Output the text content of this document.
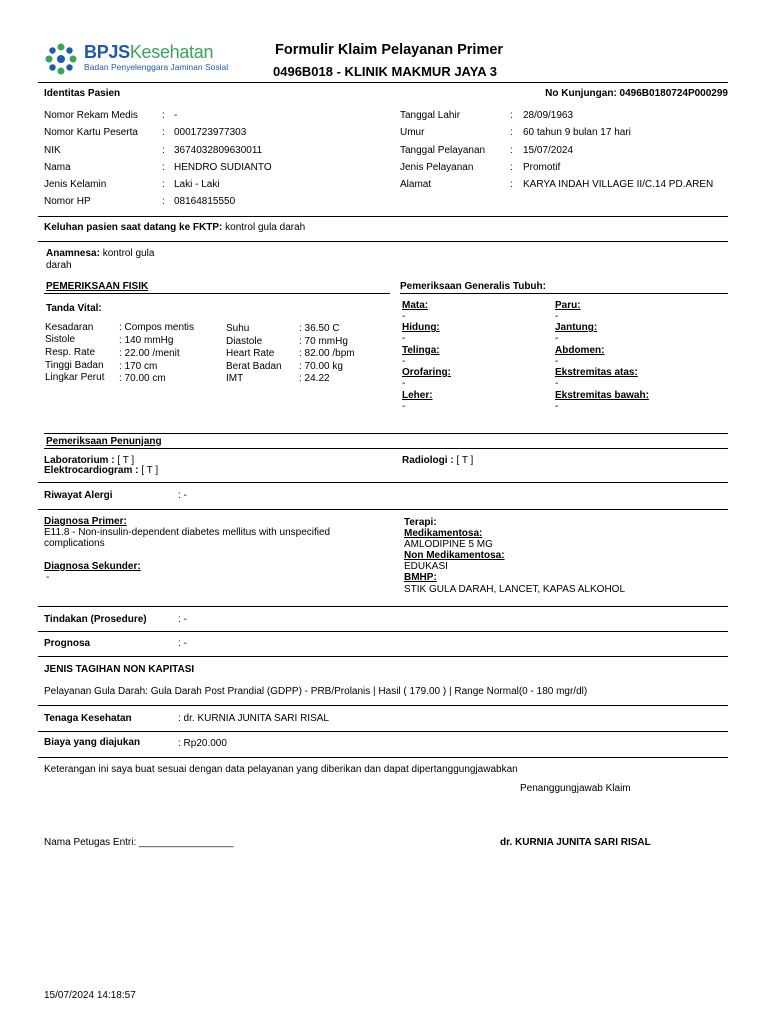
BPJSKesehatan
Badan Penyelenggara Jaminan Sosial
Formulir Klaim Pelayanan Primer
0496B018 - KLINIK MAKMUR JAYA 3
Identitas Pasien	No Kunjungan: 0496B0180724P000299
Nomor Rekam Medis : -
Nomor Kartu Peserta : 0001723977303
NIK	: 3674032809630011
Nama	: HENDRO SUDIANTO
Jenis Kelamin	: Laki - Laki
Nomor HP	: 08164815550
Tanggal Lahir	: 28/09/1963
Umur	: 60 tahun 9 bulan 17 hari
Tanggal Pelayanan : 15/07/2024
Jenis Pelayanan	: Promotif
Alamat	: KARYA INDAH VILLAGE II/C.14 PD.AREN
Keluhan pasien saat datang ke FKTP: kontrol gula darah
Anamnesa: kontrol gula
darah
PEMERIKSAAN FISIK
Tanda Vital:
Kesadaran	: Compos mentis
Sistole	: 140 mmHg
Resp. Rate : 22.00 /menit
Tinggi Badan : 170 cm
Lingkar Perut : 70.00 cm
Suhu	: 36.50 C
Diastole	: 70 mmHg
Heart Rate : 82.00 /bpm
Berat Badan : 70.00 kg
IMT	: 24.22
Pemeriksaan Generalis Tubuh:
Mata:
-
Hidung:
-
Telinga:
-
Orofaring:
-
Leher:
-
Paru:
-
Jantung:
-
Abdomen:
-
Ekstremitas atas:
-
Ekstremitas bawah:
-
Pemeriksaan Penunjang
Laboratorium : [ T ]
Elektrocardiogram : [ T ]
Radiologi : [ T ]
Riwayat Alergi	: -
Diagnosa Primer:
E11.8 - Non-insulin-dependent diabetes mellitus with unspecified complications
Diagnosa Sekunder:
-
Terapi:
Medikamentosa:
AMLODIPINE 5 MG
Non Medikamentosa:
EDUKASI
BMHP:
STIK GULA DARAH, LANCET, KAPAS ALKOHOL
Tindakan (Prosedure)	: -
Prognosa	: -
JENIS TAGIHAN NON KAPITASI
Pelayanan Gula Darah: Gula Darah Post Prandial (GDPP) - PRB/Prolanis | Hasil ( 179.00 ) | Range Normal(0 - 180 mgr/dl)
Tenaga Kesehatan	: dr. KURNIA JUNITA SARI RISAL
Biaya yang diajukan	: Rp20.000
Keterangan ini saya buat sesuai dengan data pelayanan yang diberikan dan dapat dipertanggungjawabkan
Penanggungjawab Klaim
Nama Petugas Entri: _________________	dr. KURNIA JUNITA SARI RISAL
15/07/2024 14:18:57
